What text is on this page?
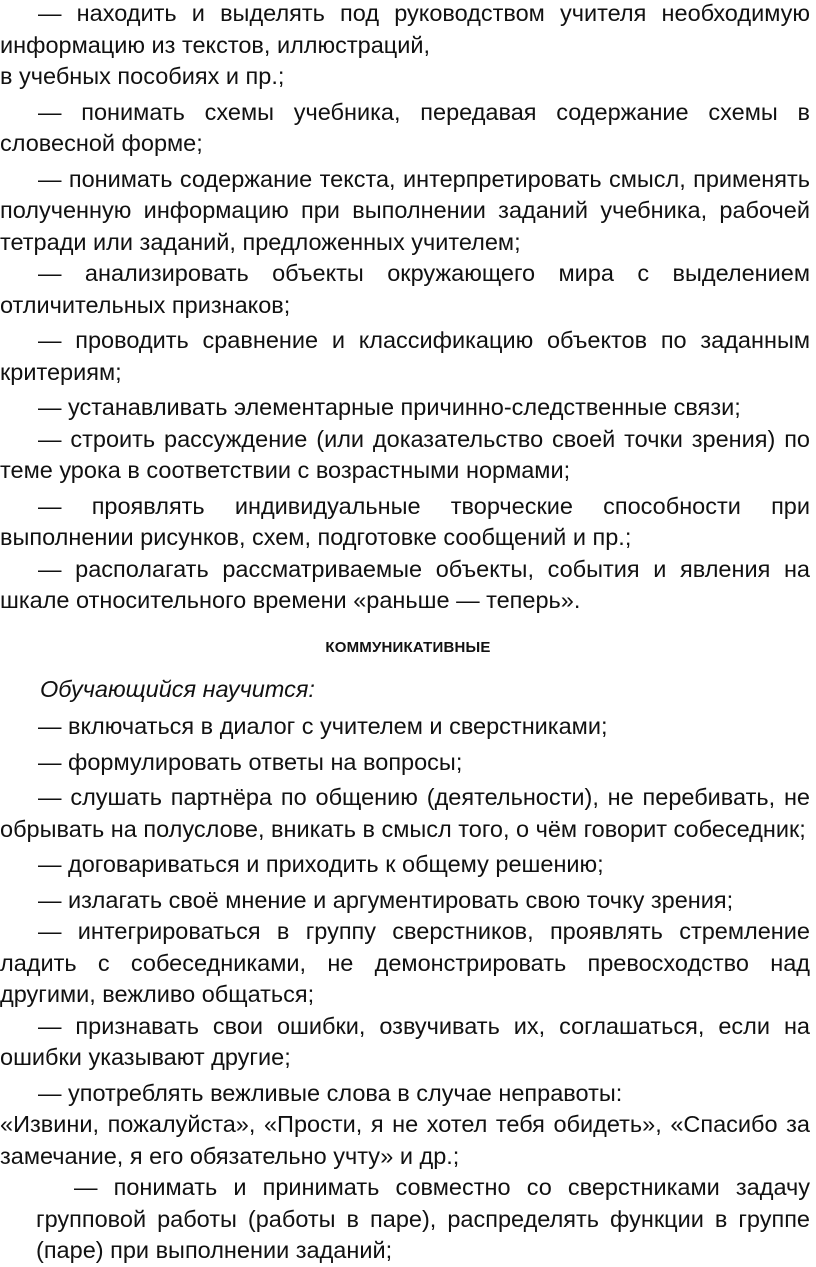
— находить и выделять под руководством учителя необходимую информацию из текстов, иллюстраций,

в учебных пособиях и пр.;

— понимать схемы учебника, передавая содержание схемы в словесной форме;

— понимать содержание текста, интерпретировать смысл, применять полученную информацию при выполнении заданий учебника, рабочей тетради или заданий, предложенных учителем;

— анализировать объекты окружающего мира с выделением отличительных признаков;

— проводить сравнение и классификацию объектов по заданным критериям;

— устанавливать элементарные причинно-следственные связи;

— строить рассуждение (или доказательство своей точки зрения) по теме урока в соответствии с возрастными нормами;

— проявлять индивидуальные творческие способности при выполнении рисунков, схем, подготовке сообщений и пр.;

— располагать рассматриваемые объекты, события и явления на шкале относительного времени «раньше — теперь».

КОММУНИКАТИВНЫЕ
Обучающийся научится:

— включаться в диалог с учителем и сверстниками;

— формулировать ответы на вопросы;

— слушать партнёра по общению (деятельности), не перебивать, не обрывать на полуслове, вникать в смысл того, о чём говорит собеседник;

— договариваться и приходить к общему решению;

— излагать своё мнение и аргументировать свою точку зрения;

— интегрироваться в группу сверстников, проявлять стремление ладить с собеседниками, не демонстрировать превосходство над другими, вежливо общаться;

— признавать свои ошибки, озвучивать их, соглашаться, если на ошибки указывают другие;

— употреблять вежливые слова в случае неправоты:

«Извини, пожалуйста», «Прости, я не хотел тебя обидеть», «Спасибо за замечание, я его обязательно учту» и др.;

— понимать и принимать совместно со сверстниками задачу групповой работы (работы в паре), распределять функции в группе (паре) при выполнении заданий;
